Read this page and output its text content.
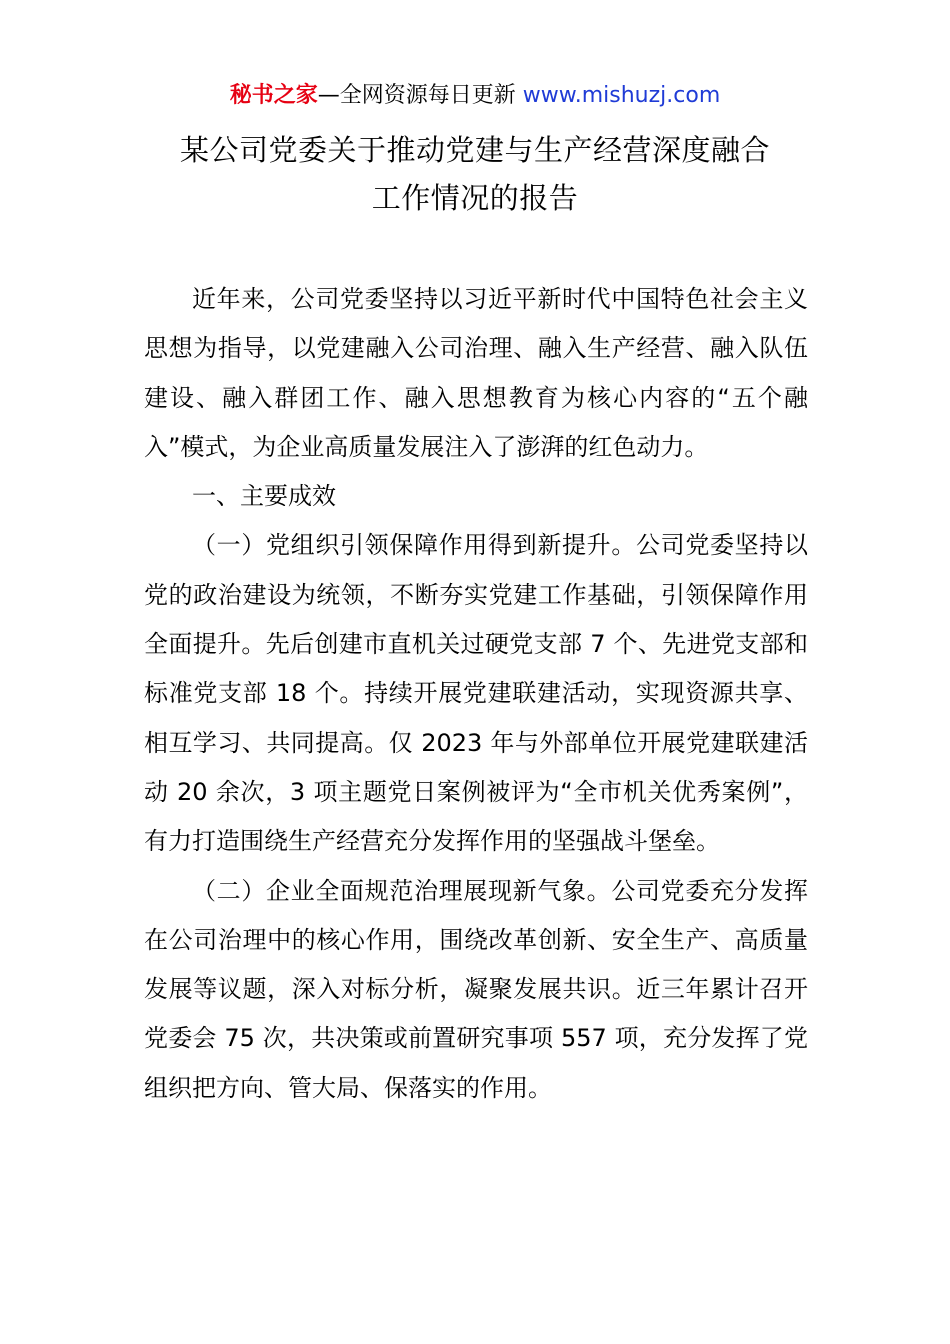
秘书之家—全网资源每日更新 www.mishuzj.com
某公司党委关于推动党建与生产经营深度融合
工作情况的报告

近年来，公司党委坚持以习近平新时代中国特色社会主义思想为指导，以党建融入公司治理、融入生产经营、融入队伍建设、融入群团工作、融入思想教育为核心内容的“五个融入”模式，为企业高质量发展注入了澎湃的红色动力。

一、主要成效

（一）党组织引领保障作用得到新提升。公司党委坚持以党的政治建设为统领，不断夯实党建工作基础，引领保障作用全面提升。先后创建市直机关过硬党支部 7 个、先进党支部和标准党支部 18 个。持续开展党建联建活动，实现资源共享、相互学习、共同提高。仅 2023 年与外部单位开展党建联建活动 20 余次，3 项主题党日案例被评为“全市机关优秀案例”，有力打造围绕生产经营充分发挥作用的坚强战斗堡垒。

（二）企业全面规范治理展现新气象。公司党委充分发挥在公司治理中的核心作用，围绕改革创新、安全生产、高质量发展等议题，深入对标分析，凝聚发展共识。近三年累计召开党委会 75 次，共决策或前置研究事项 557 项，充分发挥了党组织把方向、管大局、保落实的作用。
